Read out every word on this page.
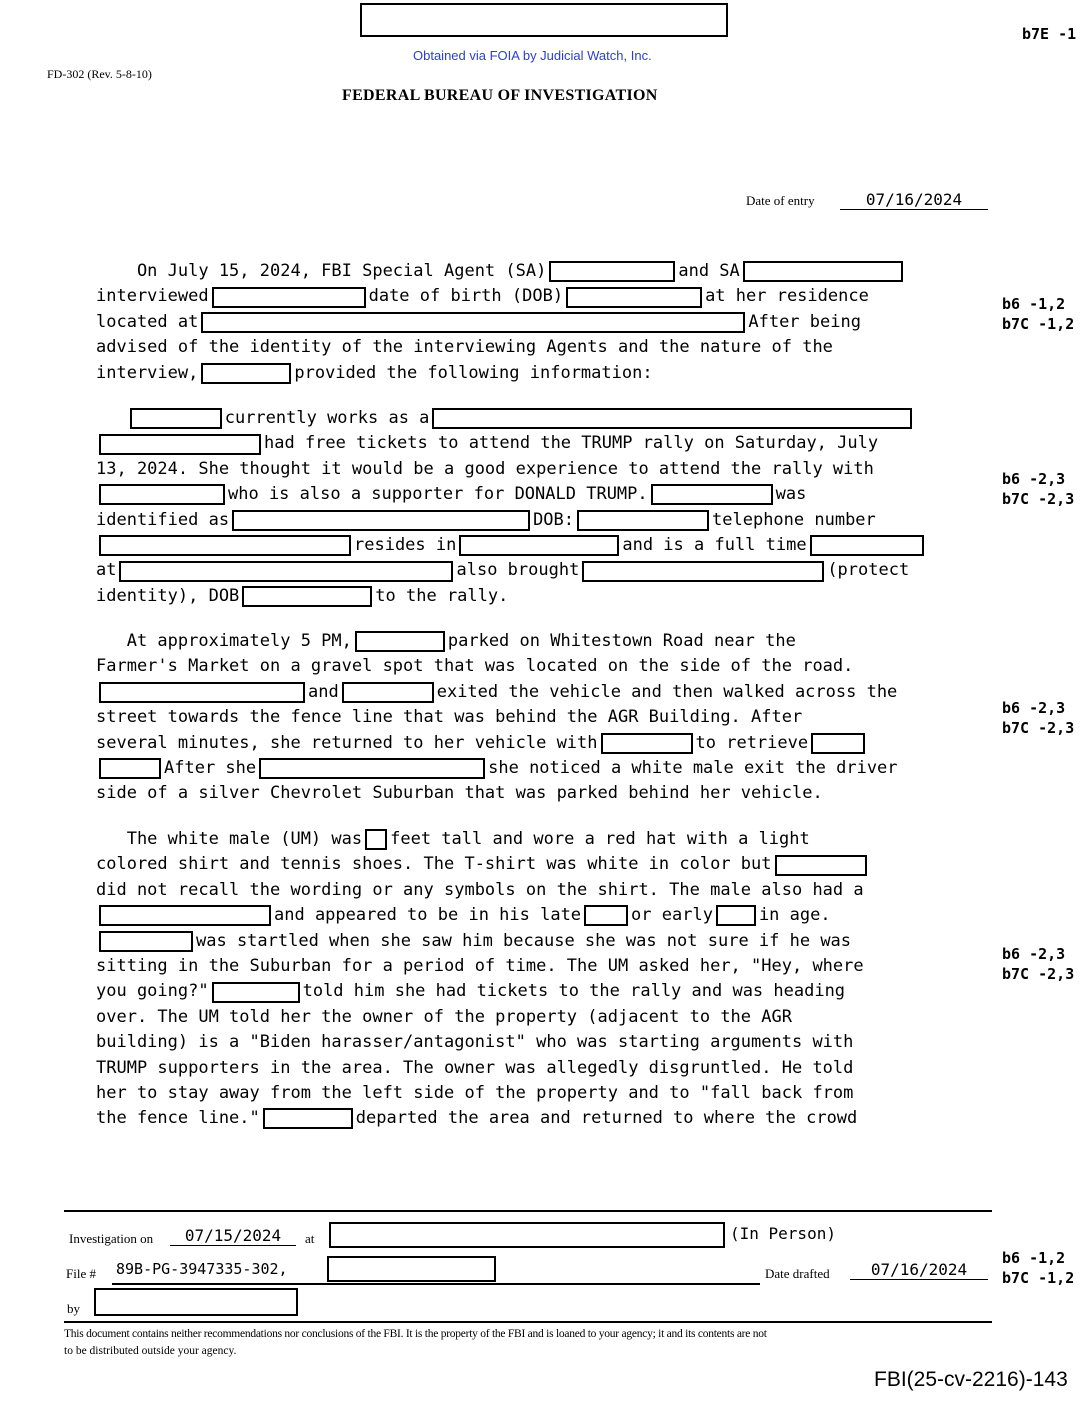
Obtained via FOIA by Judicial Watch, Inc.
FD-302 (Rev. 5-8-10)
FEDERAL BUREAU OF INVESTIGATION
b7E -1
Date of entry	07/16/2024
On July 15, 2024, FBI Special Agent (SA)	and SA
interviewed	date of birth (DOB)	at her residence
located at	After being
advised of the identity of the interviewing Agents and the nature of the
interview,	provided the following information:
b6 -1,2
b7C -1,2

currently works as a
had free tickets to attend the TRUMP rally on Saturday, July
13, 2024. She thought it would be a good experience to attend the rally with
who is also a supporter for DONALD TRUMP.	was
identified as	DOB:	telephone number
resides in	and is a full time
at	also brought	(protect
identity), DOB	to the rally.
b6 -2,3
b7C -2,3
At approximately 5 PM,	parked on Whitestown Road near the
Farmer's Market on a gravel spot that was located on the side of the road.
and	exited the vehicle and then walked across the
street towards the fence line that was behind the AGR Building. After
several minutes, she returned to her vehicle with	to retrieve
After she	she noticed a white male exit the driver
side of a silver Chevrolet Suburban that was parked behind her vehicle.
b6 -2,3
b7C -2,3
The white male (UM) was feet tall and wore a red hat with a light
colored shirt and tennis shoes. The T-shirt was white in color but
did not recall the wording or any symbols on the shirt. The male also had a
and appeared to be in his late	or early	in age.
was startled when she saw him because she was not sure if he was
sitting in the Suburban for a period of time. The UM asked her, "Hey, where
you going?"	told him she had tickets to the rally and was heading
over. The UM told her the owner of the property (adjacent to the AGR
building) is a "Biden harasser/antagonist" who was starting arguments with
TRUMP supporters in the area. The owner was allegedly disgruntled. He told
her to stay away from the left side of the property and to "fall back from
the fence line."	departed the area and returned to where the crowd
b6 -2,3
b7C -2,3
Investigation on	07/15/2024	at	(In Person)
File # 89B-PG-3947335-302,	Date drafted	07/16/2024
by
b6 -1,2
b7C -1,2
This document contains neither recommendations nor conclusions of the FBI. It is the property of the FBI and is loaned to your agency; it and its contents are not
to be distributed outside your agency.
FBI(25-cv-2216)-143
